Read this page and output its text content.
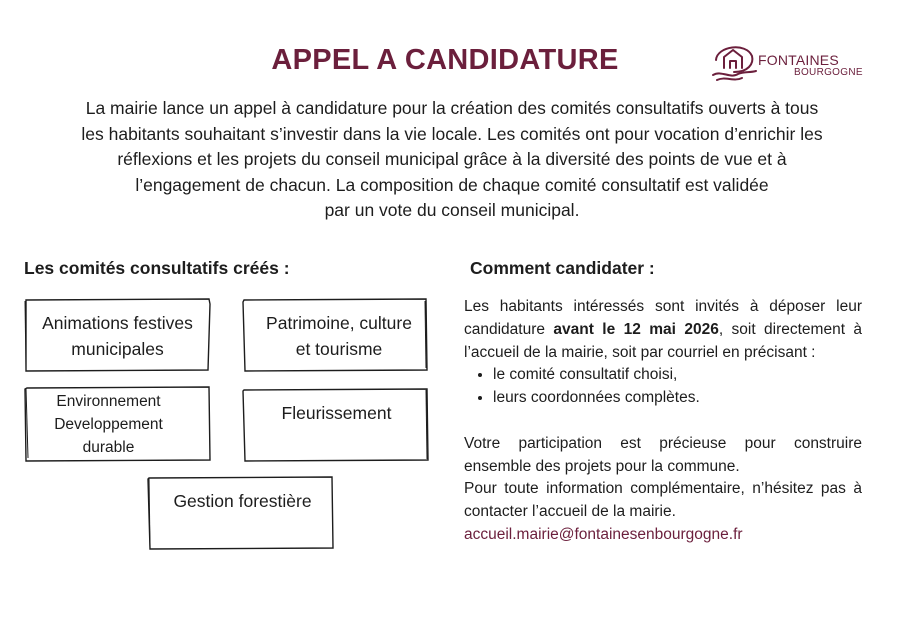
APPEL A CANDIDATURE	FONTAINES
BOURGOGNE

La mairie lance un appel à candidature pour la création des comités consultatifs ouverts à tous

les habitants souhaitant s’investir dans la vie locale. Les comités ont pour vocation d’enrichir les

réflexions et les projets du conseil municipal grâce à la diversité des points de vue et à

l’engagement de chacun. La composition de chaque comité consultatif est validée

par un vote du conseil municipal.

Les comités consultatifs créés :	Comment candidater :
Animations festives
municipales
Patrimoine, culture
et tourisme
Environnement
Developpement
durable
Fleurissement
Gestion forestière

Les habitants intéressés sont invités à déposer leur candidature avant le 12 mai 2026, soit directement à l’accueil de la mairie, soit par courriel en précisant :

• le comité consultatif choisi,
• leurs coordonnées complètes.

Votre participation est précieuse pour construire ensemble des projets pour la commune.

Pour toute information complémentaire, n’hésitez pas à contacter l’accueil de la mairie.

accueil.mairie@fontainesenbourgogne.fr
